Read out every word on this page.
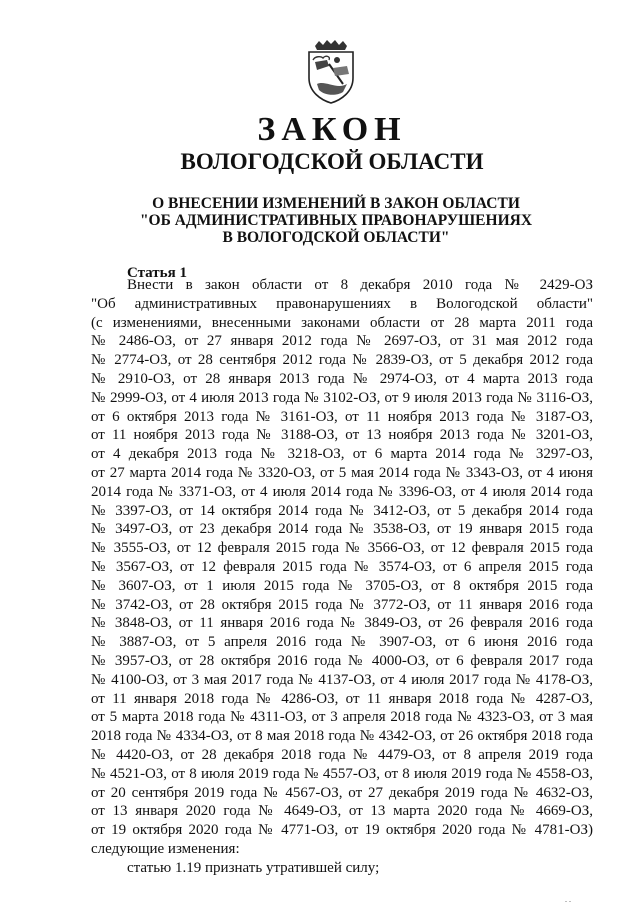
ЗАКОН
ВОЛОГОДСКОЙ ОБЛАСТИ
О ВНЕСЕНИИ ИЗМЕНЕНИЙ В ЗАКОН ОБЛАСТИ
"ОБ АДМИНИСТРАТИВНЫХ ПРАВОНАРУШЕНИЯХ
В ВОЛОГОДСКОЙ ОБЛАСТИ"
Статья 1
Внести в закон области от 8 декабря 2010 года № 2429-ОЗ
"Об административных правонарушениях в Вологодской области"
(с изменениями, внесенными законами области от 28 марта 2011 года
№ 2486-ОЗ, от 27 января 2012 года № 2697-ОЗ, от 31 мая 2012 года
№ 2774-ОЗ, от 28 сентября 2012 года № 2839-ОЗ, от 5 декабря 2012 года
№ 2910-ОЗ, от 28 января 2013 года № 2974-ОЗ, от 4 марта 2013 года
№ 2999-ОЗ, от 4 июля 2013 года № 3102-ОЗ, от 9 июля 2013 года № 3116-ОЗ,
от 6 октября 2013 года № 3161-ОЗ, от 11 ноября 2013 года № 3187-ОЗ,
от 11 ноября 2013 года № 3188-ОЗ, от 13 ноября 2013 года № 3201-ОЗ,
от 4 декабря 2013 года № 3218-ОЗ, от 6 марта 2014 года № 3297-ОЗ,
от 27 марта 2014 года № 3320-ОЗ, от 5 мая 2014 года № 3343-ОЗ, от 4 июня
2014 года № 3371-ОЗ, от 4 июля 2014 года № 3396-ОЗ, от 4 июля 2014 года
№ 3397-ОЗ, от 14 октября 2014 года № 3412-ОЗ, от 5 декабря 2014 года
№ 3497-ОЗ, от 23 декабря 2014 года № 3538-ОЗ, от 19 января 2015 года
№ 3555-ОЗ, от 12 февраля 2015 года № 3566-ОЗ, от 12 февраля 2015 года
№ 3567-ОЗ, от 12 февраля 2015 года № 3574-ОЗ, от 6 апреля 2015 года
№ 3607-ОЗ, от 1 июля 2015 года № 3705-ОЗ, от 8 октября 2015 года
№ 3742-ОЗ, от 28 октября 2015 года № 3772-ОЗ, от 11 января 2016 года
№ 3848-ОЗ, от 11 января 2016 года № 3849-ОЗ, от 26 февраля 2016 года
№ 3887-ОЗ, от 5 апреля 2016 года № 3907-ОЗ, от 6 июня 2016 года
№ 3957-ОЗ, от 28 октября 2016 года № 4000-ОЗ, от 6 февраля 2017 года
№ 4100-ОЗ, от 3 мая 2017 года № 4137-ОЗ, от 4 июля 2017 года № 4178-ОЗ,
от 11 января 2018 года № 4286-ОЗ, от 11 января 2018 года № 4287-ОЗ,
от 5 марта 2018 года № 4311-ОЗ, от 3 апреля 2018 года № 4323-ОЗ, от 3 мая
2018 года № 4334-ОЗ, от 8 мая 2018 года № 4342-ОЗ, от 26 октября 2018 года
№ 4420-ОЗ, от 28 декабря 2018 года № 4479-ОЗ, от 8 апреля 2019 года
№ 4521-ОЗ, от 8 июля 2019 года № 4557-ОЗ, от 8 июля 2019 года № 4558-ОЗ,
от 20 сентября 2019 года № 4567-ОЗ, от 27 декабря 2019 года № 4632-ОЗ,
от 13 января 2020 года № 4649-ОЗ, от 13 марта 2020 года № 4669-ОЗ,
от 19 октября 2020 года № 4771-ОЗ, от 19 октября 2020 года № 4781-ОЗ)
следующие изменения:
статью 1.19 признать утратившей силу;
. .
